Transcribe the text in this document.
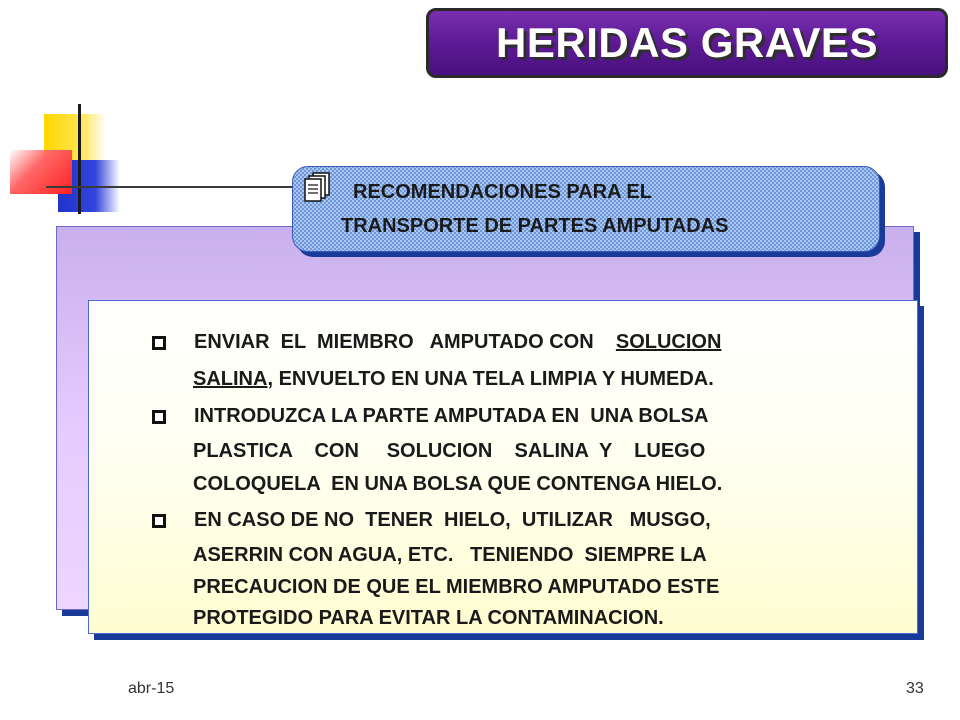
HERIDAS GRAVES
RECOMENDACIONES PARA EL
TRANSPORTE DE PARTES AMPUTADAS
ENVIAR  EL  MIEMBRO   AMPUTADO CON    SOLUCION
SALINA, ENVUELTO EN UNA TELA LIMPIA Y HUMEDA.
INTRODUZCA LA PARTE AMPUTADA EN  UNA BOLSA
PLASTICA    CON     SOLUCION    SALINA  Y    LUEGO
COLOQUELA  EN UNA BOLSA QUE CONTENGA HIELO.
EN CASO DE NO  TENER  HIELO,  UTILIZAR   MUSGO,
ASERRIN CON AGUA, ETC.   TENIENDO  SIEMPRE LA
PRECAUCION DE QUE EL MIEMBRO AMPUTADO ESTE
PROTEGIDO PARA EVITAR LA CONTAMINACION.
abr-15	33
